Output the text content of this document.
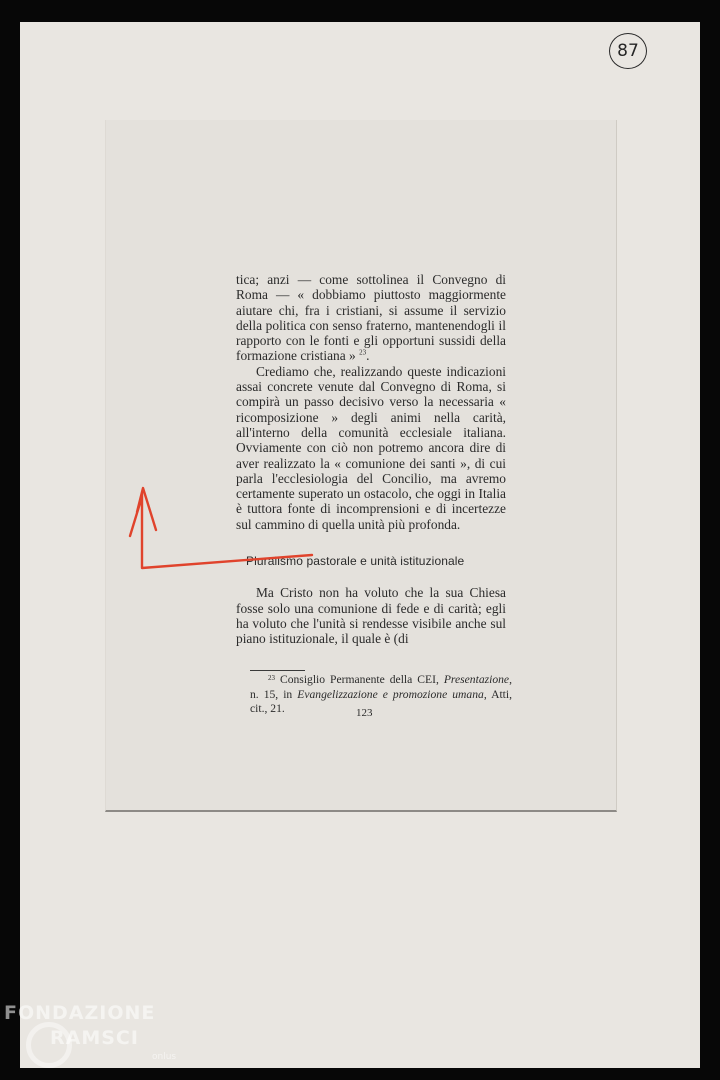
87

tica; anzi — come sottolinea il Convegno di Roma — « dobbiamo piuttosto maggiormente aiutare chi, fra i cristiani, si assume il servizio della politica con senso fraterno, mantenendogli il rapporto con le fonti e gli opportuni sussidi della formazione cristiana » $^{23}$.

Crediamo che, realizzando queste indicazioni assai concrete venute dal Convegno di Roma, si compirà un passo decisivo verso la necessaria « ricomposizione » degli animi nella carità, all'interno della comunità ecclesiale italiana. Ovviamente con ciò non potremo ancora dire di aver realizzato la « comunione dei santi », di cui parla l'ecclesiologia del Concilio, ma avremo certamente superato un ostacolo, che oggi in Italia è tuttora fonte di incomprensioni e di incertezze sul cammino di quella unità più profonda.

Pluralismo pastorale e unità istituzionale

Ma Cristo non ha voluto che la sua Chiesa fosse solo una comunione di fede e di carità; egli ha voluto che l'unità si rendesse visibile anche sul piano istituzionale, il quale è (di

$^{23}$ Consiglio Permanente della CEI, Presentazione, n. 15, in Evangelizzazione e promozione umana, Atti, cit., 21.	123
FONDAZIONE
RAMSCI
onlus
